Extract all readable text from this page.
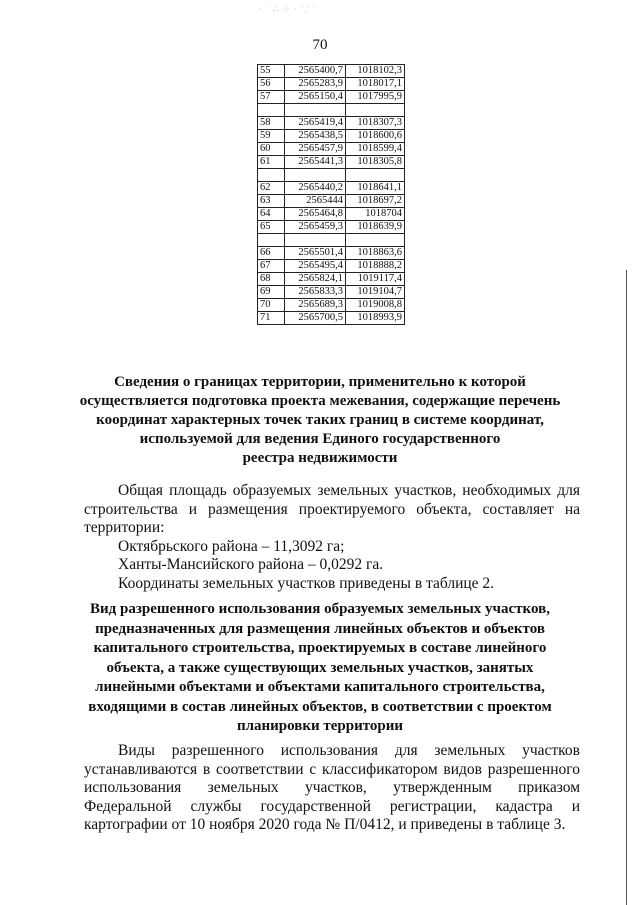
· ˙ ∴ ⁘ · ⸪ ˙
70
55	2565400,7	1018102,3
56	2565283,9	1018017,1
57	2565150,4	1017995,9

58	2565419,4	1018307,3
59	2565438,5	1018600,6
60	2565457,9	1018599,4
61	2565441,3	1018305,8

62	2565440,2	1018641,1
63	2565444	1018697,2
64	2565464,8	1018704
65	2565459,3	1018639,9

66	2565501,4	1018863,6
67	2565495,4	1018888,2
68	2565824,1	1019117,4
69	2565833,3	1019104,7
70	2565689,3	1019008,8
71	2565700,5	1018993,9
Сведения о границах территории, применительно к которой
осуществляется подготовка проекта межевания, содержащие перечень
координат характерных точек таких границ в системе координат,
используемой для ведения Единого государственного
реестра недвижимости
Общая площадь образуемых земельных участков, необходимых для строительства и размещения проектируемого объекта, составляет на территории:
Октябрьского района – 11,3092 га;
Ханты-Мансийского района – 0,0292 га.
Координаты земельных участков приведены в таблице 2.
Вид разрешенного использования образуемых земельных участков,
предназначенных для размещения линейных объектов и объектов
капитального строительства, проектируемых в составе линейного
объекта, а также существующих земельных участков, занятых
линейными объектами и объектами капитального строительства,
входящими в состав линейных объектов, в соответствии с проектом
планировки территории
Виды разрешенного использования для земельных участков устанавливаются в соответствии с классификатором видов разрешенного использования земельных участков, утвержденным приказом Федеральной службы государственной регистрации, кадастра и картографии от 10 ноября 2020 года № П/0412, и приведены в таблице 3.
